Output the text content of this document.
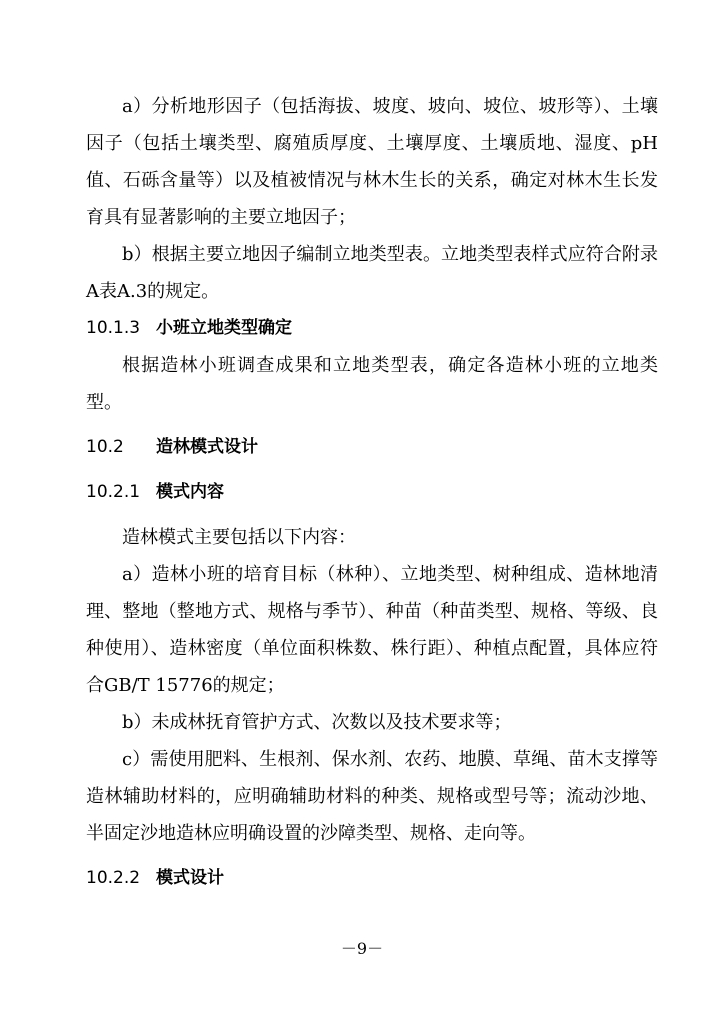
a）分析地形因子（包括海拔、坡度、坡向、坡位、坡形等）、土壤因子（包括土壤类型、腐殖质厚度、土壤厚度、土壤质地、湿度、pH值、石砾含量等）以及植被情况与林木生长的关系，确定对林木生长发育具有显著影响的主要立地因子；

b）根据主要立地因子编制立地类型表。立地类型表样式应符合附录A表A.3的规定。

10.1.3 小班立地类型确定

根据造林小班调查成果和立地类型表，确定各造林小班的立地类型。

10.2 造林模式设计
10.2.1 模式内容

造林模式主要包括以下内容：

a）造林小班的培育目标（林种）、立地类型、树种组成、造林地清理、整地（整地方式、规格与季节）、种苗（种苗类型、规格、等级、良种使用）、造林密度（单位面积株数、株行距）、种植点配置，具体应符合GB/T 15776的规定；

b）未成林抚育管护方式、次数以及技术要求等；

c）需使用肥料、生根剂、保水剂、农药、地膜、草绳、苗木支撑等造林辅助材料的，应明确辅助材料的种类、规格或型号等；流动沙地、半固定沙地造林应明确设置的沙障类型、规格、走向等。

10.2.2 模式设计
－9－
